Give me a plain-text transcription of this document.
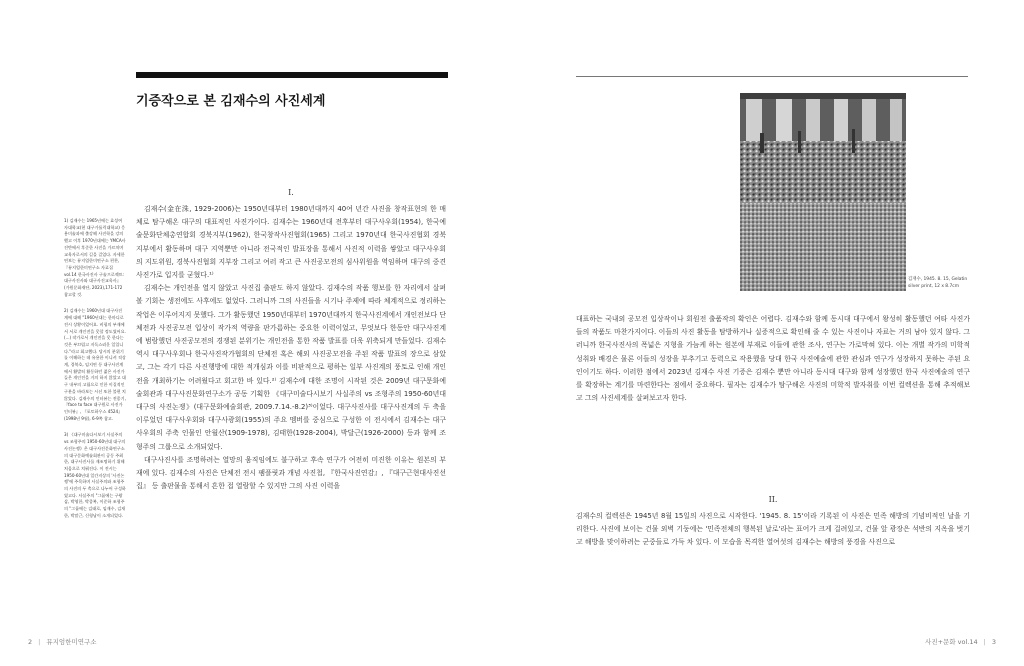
기증작으로 본 김재수의 사진세계

1) 김재수는 1965년에는 효성여자대학교(현 대구가톨릭대학교) 응용미술과에 출강해 사진학을 강의했고 이후 1970년대에는 YMCA사진반에서 후준한 사진을 가르치며 교육자로서의 길을 걸었다. 자세한 연보는 뮤지엄한미연구소 편찬, 『뮤지엄한미연구소 자료집 vol.14 한국사진사 구술프로젝트: 대구사진사와 대구사진교육사』(가원문화재단, 2023),171-172 참고할 것.

2) 김재수는 1960년대 대구사진계에 대해 "1960년대는 한마디로 전시 상황이었어요. 비평의 부재에서 서로 개인전을 못할 정도였어요. (...) 작가로서 개인전을 못 한다는 것은 부끄럽고 지독스러운 일입니다."라고 회고했다. 당시의 분위기를 이해하는 데 유용한 이니셔 적상계, 경북호, 임지연 등 대구사진계에서 활발히 활동하던 젊은 사진가들은 개인전을 거의 하지 않았고 대구 내부의 고립으로 인한 이질적인 구분을 바라보는 시선 또한 불편 치 않았다. 김재수의 인터뷰는 전종기, 『face to face 대구원로 사진가 인터뷰』, 『포토하우스 4524』 (1998년 9월), 6-9쪽 참고.

3) 《대구미술다시보기 사실주의 vs 조형주의 1950-60년대 대구의 사진논쟁》은 대구사진문화연구소의 대구문화예술회관이 공동 주최한, 대구사진사를 재조명하기 위해 처음으로 치뤄진다. 이 전시는 1950-60년대 일간지상의 '사진논쟁'에 주목하며 사실주의와 조형주의 사진의 두 축으로 나누어 구성하였고다. 사실주의 "그룹에는 구왕삼, 박영한, 박종복, 이준하 조형주의 "그룹에는 김태로, 임재수, 김재한, 박말근, 신형남이 소개되었다.

I.

김재수(金在洙, 1929-2006)는 1950년대부터 1980년대까지 40여 년간 사진을 창작표현의 한 매체로 탐구해온 대구의 대표적인 사진가이다. 김재수는 1960년대 전후부터 대구사우회(1954), 한국예술문화단체총연합회 경북지부(1962), 한국창작사진협회(1965) 그리고 1970년대 한국사진협회 경북지부에서 활동하며 대구 지역뿐만 아니라 전국적인 발표장을 통해서 사진적 이력을 쌓았고 대구사우회의 지도위원, 경북사진협회 지부장 그리고 여러 작고 큰 사진공모전의 심사위원을 역임하며 대구의 중견 사진가로 입지를 굳혔다.¹⁾

김재수는 개인전을 열지 않았고 사진집 출판도 하지 않았다. 김재수의 작품 행보를 한 자리에서 살펴볼 기회는 생전에도 사후에도 없었다. 그러니까 그의 사진들을 시기나 주제에 따라 체계적으로 정리하는 작업은 이루어지지 못했다. 그가 활동했던 1950년대부터 1970년대까지 한국사진계에서 개인전보다 단체전과 사진공모전 입상이 작가적 역량을 판가름하는 중요한 이력이었고, 무엇보다 한동안 대구사진계에 범람했던 사진공모전의 경쟁된 분위기는 개인전을 통한 작품 발표를 더욱 위축되게 만들었다. 김재수 역시 대구사우회나 한국사진작가협회의 단체전 혹은 해외 사진공모전을 주된 작품 발표의 장으로 삼았고, 그는 각기 다른 사진행방에 대한 적개심과 이를 비판적으로 평하는 일부 사진계의 풍토로 인해 개인전을 개최하기는 어려웠다고 회고한 바 있다.²⁾ 김재수에 대한 조명이 시작된 것은 2009년 대구문화예술회관과 대구사진문화연구소가 공동 기획한 《대구미술다시보기 사실주의 vs 조형주의 1950-60년대 대구의 사진논쟁》(대구문화예술회관, 2009.7.14.-8.2)³⁾이었다. 대구사진사를 대구사진계의 두 축을 이루었던 대구사우회와 대구사광회(1955)의 주요 멤버를 중심으로 구성한 이 전시에서 김재수는 대구사우회의 주축 인물인 안월산(1909-1978), 김태한(1928-2004), 박달근(1926-2000) 등과 함께 조형주의 그룹으로 소개되었다.

대구사진사를 조명하려는 열망의 움직임에도 불구하고 후속 연구가 여전히 미진한 이유는 원본의 부재에 있다. 김재수의 사진은 단체전 전시 팸플릿과 개념 사진첩, 『한국사진연감』, 『대구근현대사진선집』 등 출판물을 통해서 흔한 접 열람할 수 있지만 그의 사진 이력을

2 | 뮤지엄한미연구소
김재수, 1945. 8. 15, Gelatin silver print, 12 x 8.7cm

대표하는 국내외 공모전 입상작이나 회원전 출품작의 확인은 어렵다. 김재수와 함께 동시대 대구에서 왕성히 활동했던 여타 사진가들의 작품도 마찬가지이다. 이들의 사진 활동을 탐방하거나 실증적으로 확인해 줄 수 있는 사진이나 자료는 거의 남아 있지 않다. 그러니까 한국사진사의 폭넓은 지형을 가늠케 하는 원본에 부재로 이들에 관한 조사, 연구는 가로막혀 있다. 이는 개별 작가의 미학적 성취와 배경은 물론 이들의 성장을 부추기고 동력으로 작용했을 당대 한국 사진예술에 관한 관심과 연구가 성장하지 못하는 주된 요인이기도 하다. 이러한 점에서 2023년 김재수 사진 기증은 김재수 뿐만 아니라 동시대 대구와 함께 성장했던 한국 사진예술의 연구를 확장하는 계기를 마련한다는 점에서 중요하다. 필자는 김재수가 탐구해온 사진의 미학적 발자취를 이번 컬렉션을 통해 추적해보고 그의 사진세계를 살펴보고자 한다.

II.

김재수의 컬렉션은 1945년 8월 15일의 사진으로 시작한다. '1945. 8. 15'이라 기록된 이 사진은 민족 해방의 기념비적인 날을 기리한다. 사진에 보이는 건물 외벽 기둥에는 '민족전체의 행복된 날로'라는 표어가 크게 걸려있고, 건물 앞 광장은 석반의 지옥을 벗기고 해방을 맞이하려는 군중들로 가득 차 있다. 이 모습을 목격한 열여섯의 김재수는 해방의 풍경을 사진으로

사진+문화 vol.14 | 3
